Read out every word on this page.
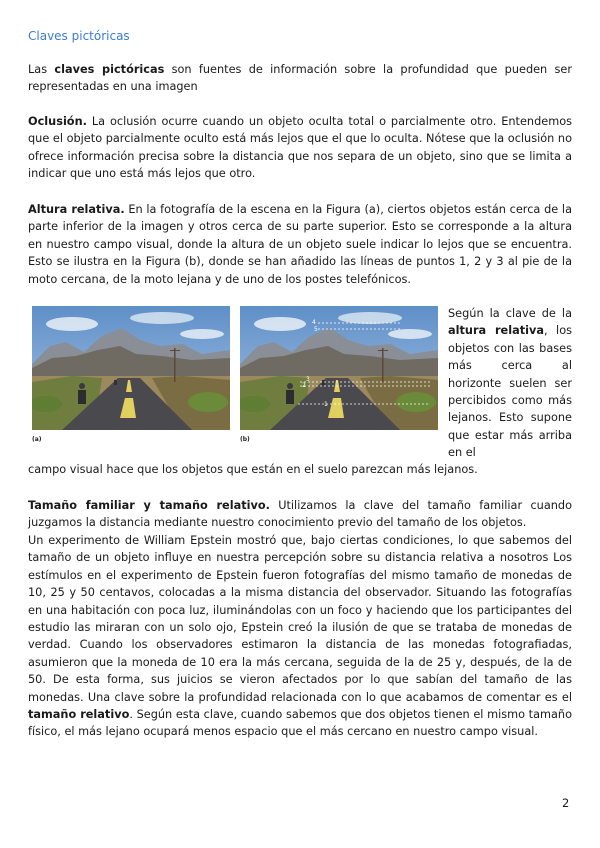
Claves pictóricas

Las claves pictóricas son fuentes de información sobre la profundidad que pueden ser representadas en una imagen

Oclusión. La oclusión ocurre cuando un objeto oculta total o parcialmente otro. Entendemos que el objeto parcialmente oculto está más lejos que el que lo oculta. Nótese que la oclusión no ofrece información precisa sobre la distancia que nos separa de un objeto, sino que se limita a indicar que uno está más lejos que otro.

Altura relativa. En la fotografía de la escena en la Figura (a), ciertos objetos están cerca de la parte inferior de la imagen y otros cerca de su parte superior. Esto se corresponde a la altura en nuestro campo visual, donde la altura de un objeto suele indicar lo lejos que se encuentra. Esto se ilustra en la Figura (b), donde se han añadido las líneas de puntos 1, 2 y 3 al pie de la moto cercana, de la moto lejana y de uno de los postes telefónicos.

(a)
1
2
3
4
5
(b)

Según la clave de la altura relativa, los objetos con las bases más cerca al horizonte suelen ser percibidos como más lejanos. Esto supone que estar más arriba en el

campo visual hace que los objetos que están en el suelo parezcan más lejanos.

Tamaño familiar y tamaño relativo. Utilizamos la clave del tamaño familiar cuando juzgamos la distancia mediante nuestro conocimiento previo del tamaño de los objetos.

Un experimento de William Epstein mostró que, bajo ciertas condiciones, lo que sabemos del tamaño de un objeto influye en nuestra percepción sobre su distancia relativa a nosotros Los estímulos en el experimento de Epstein fueron fotografías del mismo tamaño de monedas de 10, 25 y 50 centavos, colocadas a la misma distancia del observador. Situando las fotografías en una habitación con poca luz, iluminándolas con un foco y haciendo que los participantes del estudio las miraran con un solo ojo, Epstein creó la ilusión de que se trataba de monedas de verdad. Cuando los observadores estimaron la distancia de las monedas fotografiadas, asumieron que la moneda de 10 era la más cercana, seguida de la de 25 y, después, de la de 50. De esta forma, sus juicios se vieron afectados por lo que sabían del tamaño de las monedas. Una clave sobre la profundidad relacionada con lo que acabamos de comentar es el tamaño relativo. Según esta clave, cuando sabemos que dos objetos tienen el mismo tamaño físico, el más lejano ocupará menos espacio que el más cercano en nuestro campo visual.

2
